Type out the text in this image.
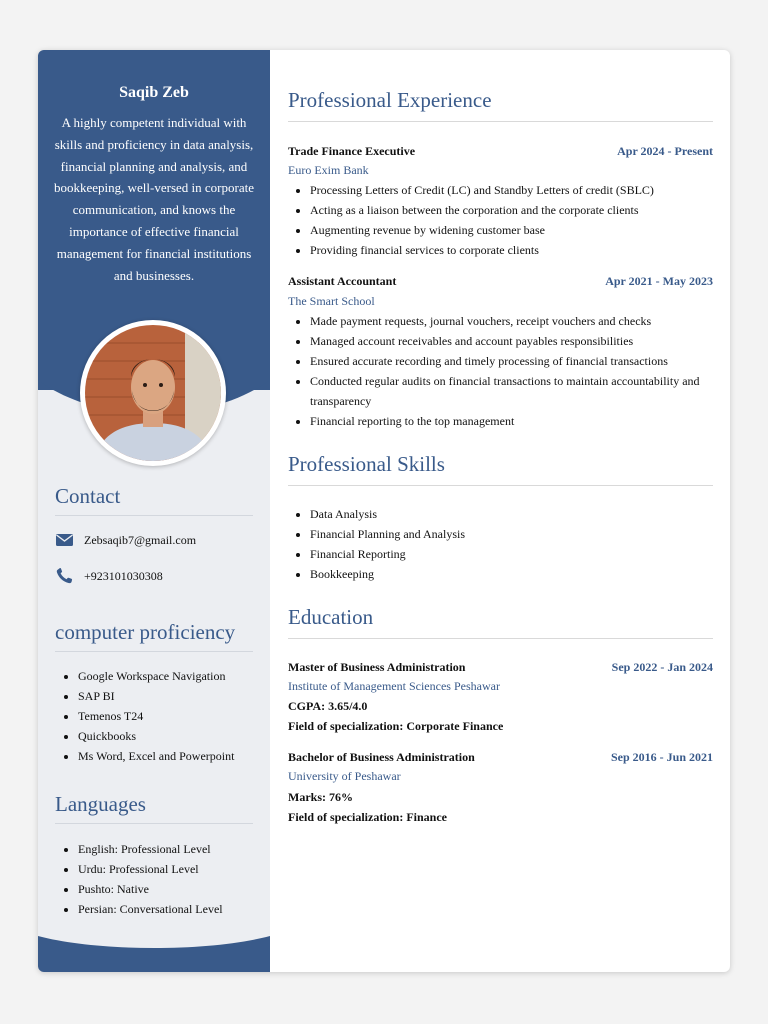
Saqib Zeb
A highly competent individual with skills and proficiency in data analysis, financial planning and analysis, and bookkeeping, well-versed in corporate communication, and knows the importance of effective financial management for financial institutions and businesses.
Contact
Zebsaqib7@gmail.com
+923101030308
computer proficiency
• Google Workspace Navigation
• SAP BI
• Temenos T24
• Quickbooks
• Ms Word, Excel and Powerpoint
Languages
• English: Professional Level
• Urdu: Professional Level
• Pushto: Native
• Persian: Conversational Level
Professional Experience
Trade Finance Executive	Apr 2024 - Present
Euro Exim Bank
• Processing Letters of Credit (LC) and Standby Letters of credit (SBLC)
• Acting as a liaison between the corporation and the corporate clients
• Augmenting revenue by widening customer base
• Providing financial services to corporate clients
Assistant Accountant	Apr 2021 - May 2023
The Smart School
• Made payment requests, journal vouchers, receipt vouchers and checks
• Managed account receivables and account payables responsibilities
• Ensured accurate recording and timely processing of financial transactions
• Conducted regular audits on financial transactions to maintain accountability and transparency
• Financial reporting to the top management
Professional Skills
• Data Analysis
• Financial Planning and Analysis
• Financial Reporting
• Bookkeeping
Education
Master of Business Administration	Sep 2022 - Jan 2024
Institute of Management Sciences Peshawar
CGPA: 3.65/4.0
Field of specialization: Corporate Finance
Bachelor of Business Administration	Sep 2016 - Jun 2021
University of Peshawar
Marks: 76%
Field of specialization: Finance
